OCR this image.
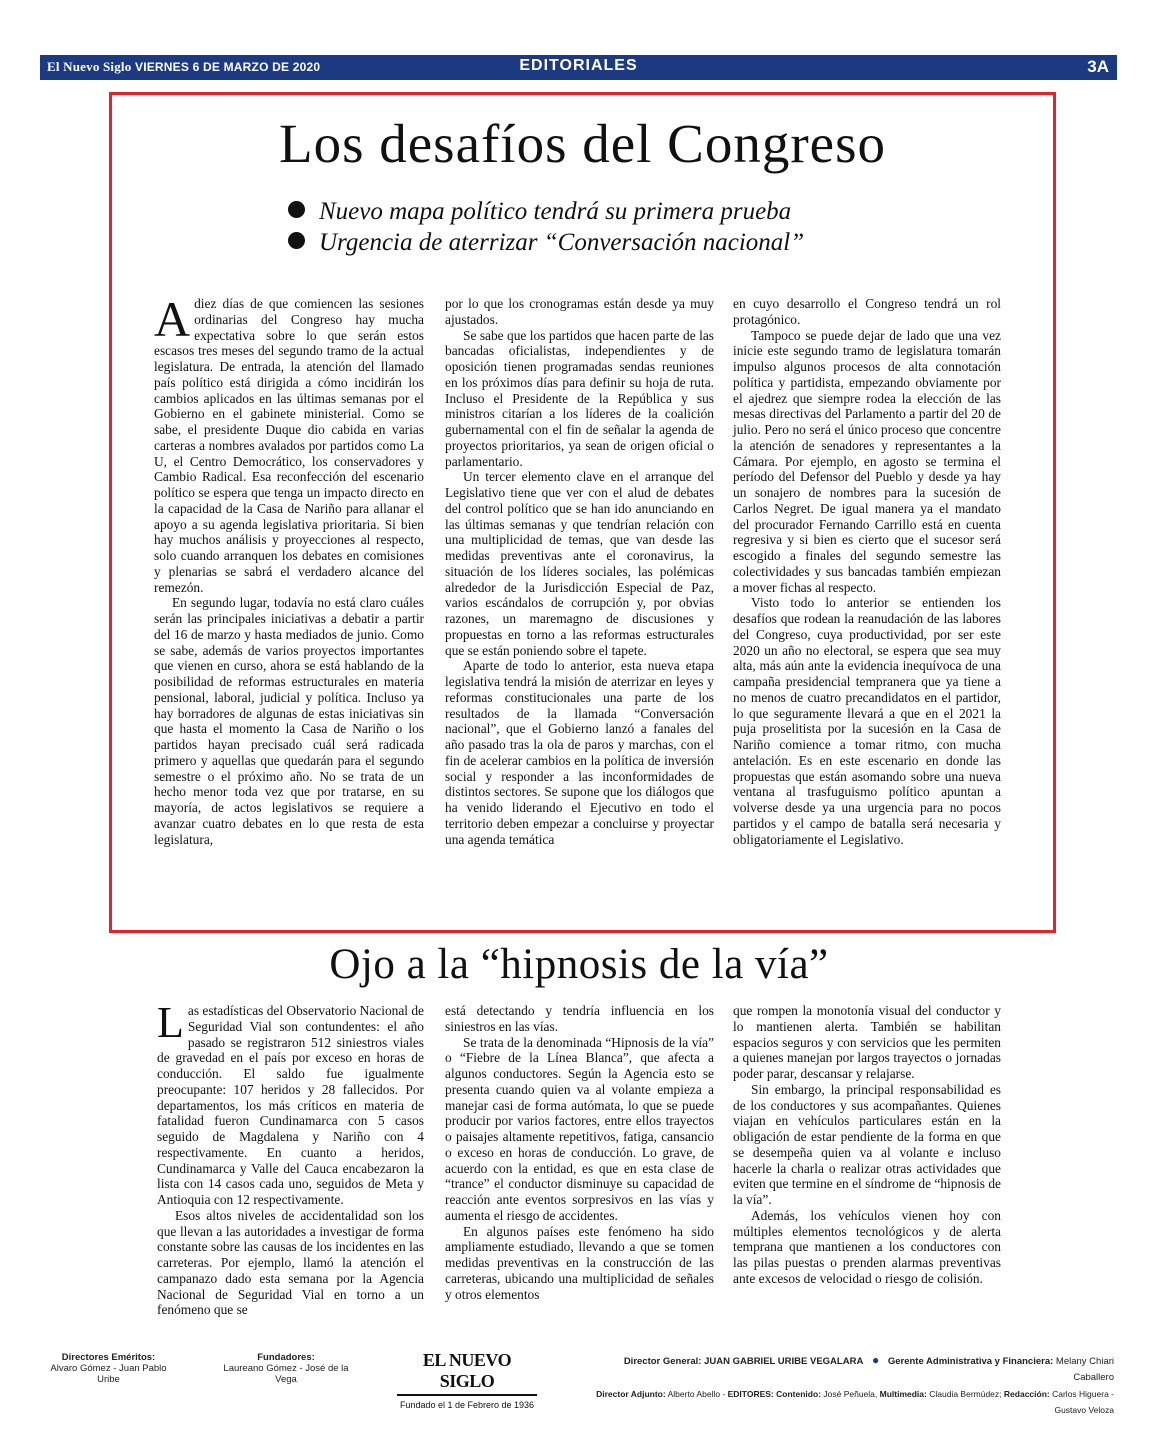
El Nuevo Siglo VIERNES 6 DE MARZO DE 2020	EDITORIALES	3A
Los desafíos del Congreso
Nuevo mapa político tendrá su primera prueba
Urgencia de aterrizar “Conversación nacional”

Adiez días de que comiencen las sesiones ordinarias del Congreso hay mucha expectativa sobre lo que serán estos escasos tres meses del segundo tramo de la actual legislatura. De entrada, la atención del llamado país político está dirigida a cómo incidirán los cambios aplicados en las últimas semanas por el Gobierno en el gabinete ministerial. Como se sabe, el presidente Duque dio cabida en varias carteras a nombres avalados por partidos como La U, el Centro Democrático, los conservadores y Cambio Radical. Esa reconfección del escenario político se espera que tenga un impacto directo en la capacidad de la Casa de Nariño para allanar el apoyo a su agenda legislativa prioritaria. Si bien hay muchos análisis y proyecciones al respecto, solo cuando arranquen los debates en comisiones y plenarias se sabrá el verdadero alcance del remezón.

En segundo lugar, todavía no está claro cuáles serán las principales iniciativas a debatir a partir del 16 de marzo y hasta mediados de junio. Como se sabe, además de varios proyectos importantes que vienen en curso, ahora se está hablando de la posibilidad de reformas estructurales en materia pensional, laboral, judicial y política. Incluso ya hay borradores de algunas de estas iniciativas sin que hasta el momento la Casa de Nariño o los partidos hayan precisado cuál será radicada primero y aquellas que quedarán para el segundo semestre o el próximo año. No se trata de un hecho menor toda vez que por tratarse, en su mayoría, de actos legislativos se requiere a avanzar cuatro debates en lo que resta de esta legislatura,

por lo que los cronogramas están desde ya muy ajustados.

Se sabe que los partidos que hacen parte de las bancadas oficialistas, independientes y de oposición tienen programadas sendas reuniones en los próximos días para definir su hoja de ruta. Incluso el Presidente de la República y sus ministros citarían a los líderes de la coalición gubernamental con el fin de señalar la agenda de proyectos prioritarios, ya sean de origen oficial o parlamentario.

Un tercer elemento clave en el arranque del Legislativo tiene que ver con el alud de debates del control político que se han ido anunciando en las últimas semanas y que tendrían relación con una multiplicidad de temas, que van desde las medidas preventivas ante el coronavirus, la situación de los líderes sociales, las polémicas alrededor de la Jurisdicción Especial de Paz, varios escándalos de corrupción y, por obvias razones, un maremagno de discusiones y propuestas en torno a las reformas estructurales que se están poniendo sobre el tapete.

Aparte de todo lo anterior, esta nueva etapa legislativa tendrá la misión de aterrizar en leyes y reformas constitucionales una parte de los resultados de la llamada “Conversación nacional”, que el Gobierno lanzó a fanales del año pasado tras la ola de paros y marchas, con el fin de acelerar cambios en la política de inversión social y responder a las inconformidades de distintos sectores. Se supone que los diálogos que ha venido liderando el Ejecutivo en todo el territorio deben empezar a concluirse y proyectar una agenda temática

en cuyo desarrollo el Congreso tendrá un rol protagónico.

Tampoco se puede dejar de lado que una vez inicie este segundo tramo de legislatura tomarán impulso algunos procesos de alta connotación política y partidista, empezando obviamente por el ajedrez que siempre rodea la elección de las mesas directivas del Parlamento a partir del 20 de julio. Pero no será el único proceso que concentre la atención de senadores y representantes a la Cámara. Por ejemplo, en agosto se termina el período del Defensor del Pueblo y desde ya hay un sonajero de nombres para la sucesión de Carlos Negret. De igual manera ya el mandato del procurador Fernando Carrillo está en cuenta regresiva y si bien es cierto que el sucesor será escogido a finales del segundo semestre las colectividades y sus bancadas también empiezan a mover fichas al respecto.

Visto todo lo anterior se entienden los desafíos que rodean la reanudación de las labores del Congreso, cuya productividad, por ser este 2020 un año no electoral, se espera que sea muy alta, más aún ante la evidencia inequívoca de una campaña presidencial tempranera que ya tiene a no menos de cuatro precandidatos en el partidor, lo que seguramente llevará a que en el 2021 la puja proselitista por la sucesión en la Casa de Nariño comience a tomar ritmo, con mucha antelación. Es en este escenario en donde las propuestas que están asomando sobre una nueva ventana al trasfuguismo político apuntan a volverse desde ya una urgencia para no pocos partidos y el campo de batalla será necesaria y obligatoriamente el Legislativo.

Ojo a la “hipnosis de la vía”

Las estadísticas del Observatorio Nacional de Seguridad Vial son contundentes: el año pasado se registraron 512 siniestros viales de gravedad en el país por exceso en horas de conducción. El saldo fue igualmente preocupante: 107 heridos y 28 fallecidos. Por departamentos, los más críticos en materia de fatalidad fueron Cundinamarca con 5 casos seguido de Magdalena y Nariño con 4 respectivamente. En cuanto a heridos, Cundinamarca y Valle del Cauca encabezaron la lista con 14 casos cada uno, seguidos de Meta y Antioquia con 12 respectivamente.

Esos altos niveles de accidentalidad son los que llevan a las autoridades a investigar de forma constante sobre las causas de los incidentes en las carreteras. Por ejemplo, llamó la atención el campanazo dado esta semana por la Agencia Nacional de Seguridad Vial en torno a un fenómeno que se

está detectando y tendría influencia en los siniestros en las vías.

Se trata de la denominada “Hipnosis de la vía” o “Fiebre de la Línea Blanca”, que afecta a algunos conductores. Según la Agencia esto se presenta cuando quien va al volante empieza a manejar casi de forma autómata, lo que se puede producir por varios factores, entre ellos trayectos o paisajes altamente repetitivos, fatiga, cansancio o exceso en horas de conducción. Lo grave, de acuerdo con la entidad, es que en esta clase de “trance” el conductor disminuye su capacidad de reacción ante eventos sorpresivos en las vías y aumenta el riesgo de accidentes.

En algunos países este fenómeno ha sido ampliamente estudiado, llevando a que se tomen medidas preventivas en la construcción de las carreteras, ubicando una multiplicidad de señales y otros elementos

que rompen la monotonía visual del conductor y lo mantienen alerta. También se habilitan espacios seguros y con servicios que les permiten a quienes manejan por largos trayectos o jornadas poder parar, descansar y relajarse.

Sin embargo, la principal responsabilidad es de los conductores y sus acompañantes. Quienes viajan en vehículos particulares están en la obligación de estar pendiente de la forma en que se desempeña quien va al volante e incluso hacerle la charla o realizar otras actividades que eviten que termine en el síndrome de “hipnosis de la vía”.

Además, los vehículos vienen hoy con múltiples elementos tecnológicos y de alerta temprana que mantienen a los conductores con las pilas puestas o prenden alarmas preventivas ante excesos de velocidad o riesgo de colisión.

Directores Eméritos:
Alvaro Gómez - Juan Pablo Uribe
Fundadores:
Laureano Gómez - José de la Vega
EL NUEVO SIGLO
Fundado el 1 de Febrero de 1936
Director General: JUAN GABRIEL URIBE VEGALARA ● Gerente Administrativa y Financiera: Melany Chiari Caballero
Director Adjunto: Alberto Abello - EDITORES: Contenido: José Peñuela, Multimedia: Claudia Bermúdez; Redacción: Carlos Higuera - Gustavo Veloza
